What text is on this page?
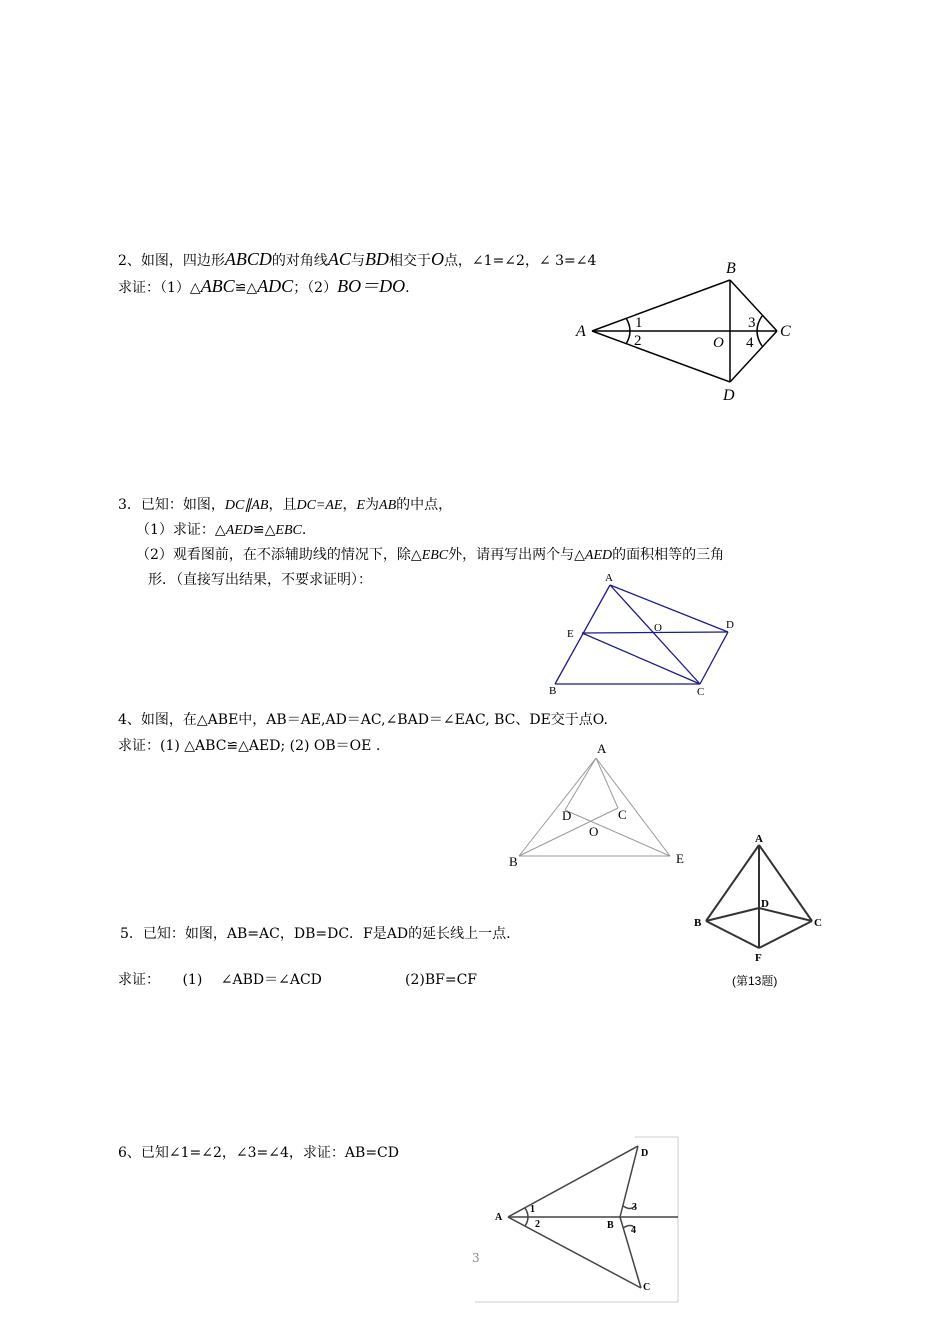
2、如图，四边形ABCD的对角线AC与BD相交于O点，∠1=∠2，∠ 3=∠4
求证：（1）△ABC≌△ADC；（2）BO＝DO.
A
B
C
D
O
1
2
3
4
3．已知：如图，DC∥AB，且DC=AE，E为AB的中点，
（1）求证：△AED≌△EBC.
（2）观看图前，在不添辅助线的情况下，除△EBC外，请再写出两个与△AED的面积相等的三角
形．（直接写出结果，不要求证明）：	A
B	C
D
E	O
4、如图，在△ABE中，AB＝AE,AD＝AC,∠BAD＝∠EAC, BC、DE交于点O.
求证：(1) △ABC≌△AED; (2) OB＝OE .	A
B
C
D
E
O	A
B	C
D
F
(第13题)
5．已知：如图，AB=AC，DB=DC．F是AD的延长线上一点.
求证： (1) ∠ABD＝∠ACD	(2)BF=CF
6、已知∠1=∠2，∠3=∠4，求证：AB=CD
A
B
C
D
1
2
3
4
3
